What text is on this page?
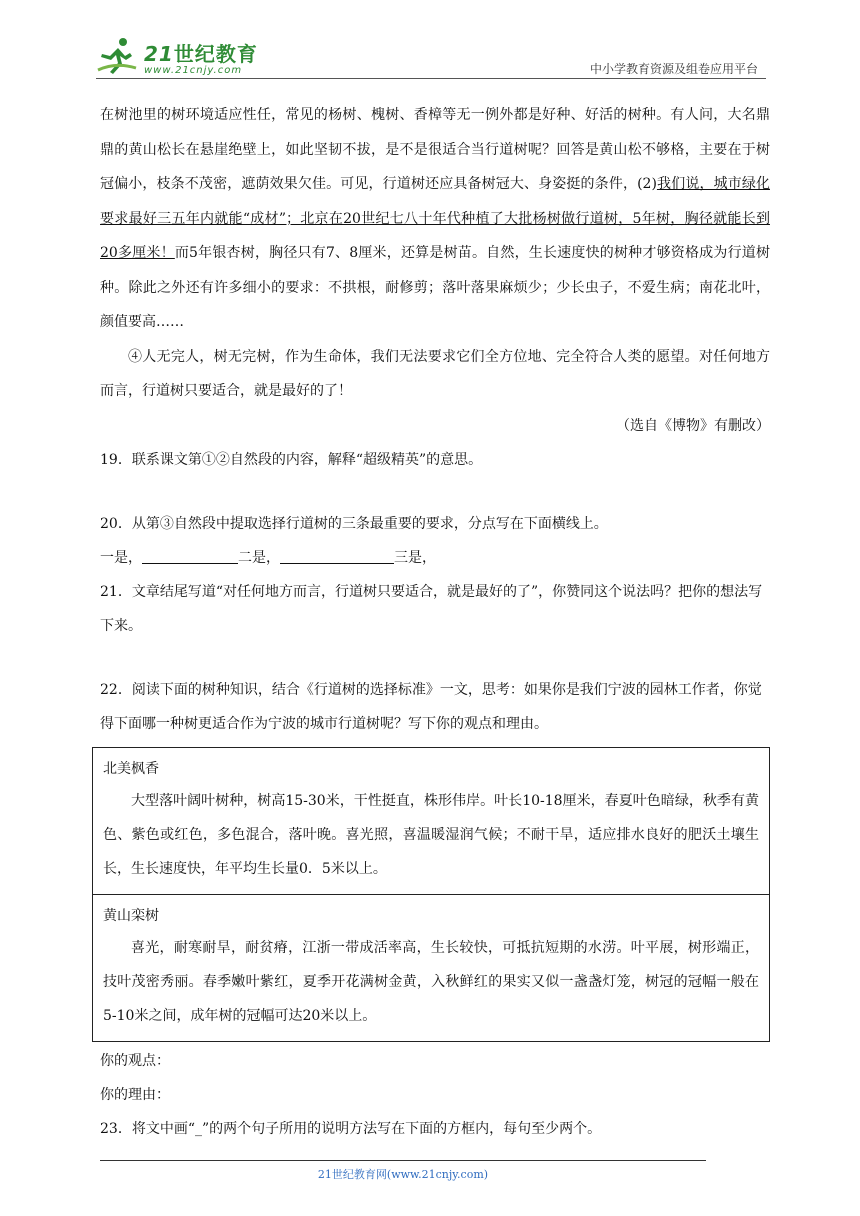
21世纪教育
www.21cnjy.com	中小学教育资源及组卷应用平台

在树池里的树环境适应性任，常见的杨树、槐树、香樟等无一例外都是好种、好活的树种。有人问，大名鼎鼎的黄山松长在悬崖绝壁上，如此坚韧不拔，是不是很适合当行道树呢？回答是黄山松不够格，主要在于树冠偏小，枝条不茂密，遮荫效果欠佳。可见，行道树还应具备树冠大、身姿挺的条件，(2)我们说，城市绿化要求最好三五年内就能“成材”；北京在20世纪七八十年代种植了大批杨树做行道树，5年树，胸径就能长到20多厘米！而5年银杏树，胸径只有7、8厘米，还算是树苗。自然，生长速度快的树种才够资格成为行道树种。除此之外还有许多细小的要求：不拱根，耐修剪；落叶落果麻烦少；少长虫子，不爱生病；南花北叶，颜值要高……

④人无完人，树无完树，作为生命体，我们无法要求它们全方位地、完全符合人类的愿望。对任何地方而言，行道树只要适合，就是最好的了！

（选自《博物》有删改）

19．联系课文第①②自然段的内容，解释“超级精英”的意思。

20．从第③自然段中提取选择行道树的三条最重要的要求，分点写在下面横线上。

一是，	二是，	三是，

21．文章结尾写道“对任何地方而言，行道树只要适合，就是最好的了”，你赞同这个说法吗？把你的想法写下来。

22．阅读下面的树种知识，结合《行道树的选择标准》一文，思考：如果你是我们宁波的园林工作者，你觉得下面哪一种树更适合作为宁波的城市行道树呢？写下你的观点和理由。

北美枫香
大型落叶阔叶树种，树高15-30米，干性挺直，株形伟岸。叶长10-18厘米，春夏叶色暗绿，秋季有黄色、紫色或红色，多色混合，落叶晚。喜光照，喜温暖湿润气候；不耐干旱，适应排水良好的肥沃土壤生长，生长速度快，年平均生长量0．5米以上。
黄山栾树
喜光，耐寒耐旱，耐贫瘠，江浙一带成活率高，生长较快，可抵抗短期的水涝。叶平展，树形端正，技叶茂密秀丽。春季嫩叶紫红，夏季开花满树金黄，入秋鲜红的果实又似一盏盏灯笼，树冠的冠幅一般在5-10米之间，成年树的冠幅可达20米以上。

你的观点：

你的理由：

23．将文中画“_”的两个句子所用的说明方法写在下面的方框内，每句至少两个。

21世纪教育网(www.21cnjy.com)
